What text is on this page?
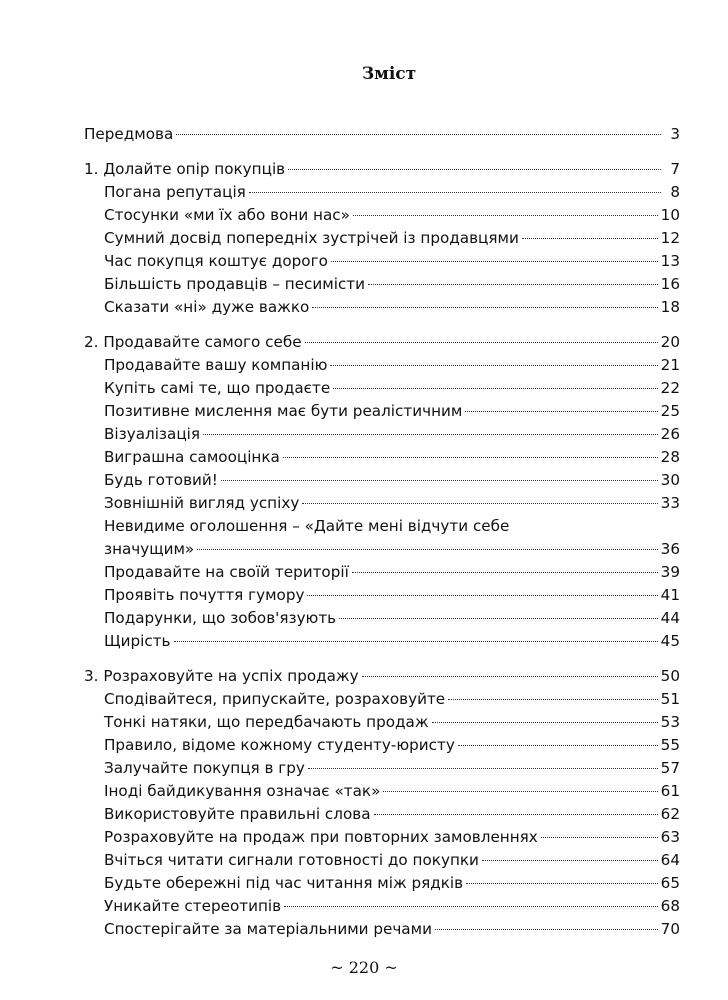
Зміст
Передмова	3
1. Долайте опір покупців	7
Погана репутація	8
Стосунки «ми їх або вони нас»	10
Сумний досвід попередніх зустрічей із продавцями	12
Час покупця коштує дорого	13
Більшість продавців – песимісти	16
Сказати «ні» дуже важко	18
2. Продавайте самого себе	20
Продавайте вашу компанію	21
Купіть самі те, що продаєте	22
Позитивне мислення має бути реалістичним	25
Візуалізація	26
Виграшна самооцінка	28
Будь готовий!	30
Зовнішній вигляд успіху	33
Невидиме оголошення – «Дайте мені відчути себе
значущим»	36
Продавайте на своїй території	39
Проявіть почуття гумору	41
Подарунки, що зобов'язують	44
Щирість	45
3. Розраховуйте на успіх продажу	50
Сподівайтеся, припускайте, розраховуйте	51
Тонкі натяки, що передбачають продаж	53
Правило, відоме кожному студенту-юристу	55
Залучайте покупця в гру	57
Іноді байдикування означає «так»	61
Використовуйте правильні слова	62
Розраховуйте на продаж при повторних замовленнях	63
Вчіться читати сигнали готовності до покупки	64
Будьте обережні під час читання між рядків	65
Уникайте стереотипів	68
Спостерігайте за матеріальними речами	70
~ 220 ~
